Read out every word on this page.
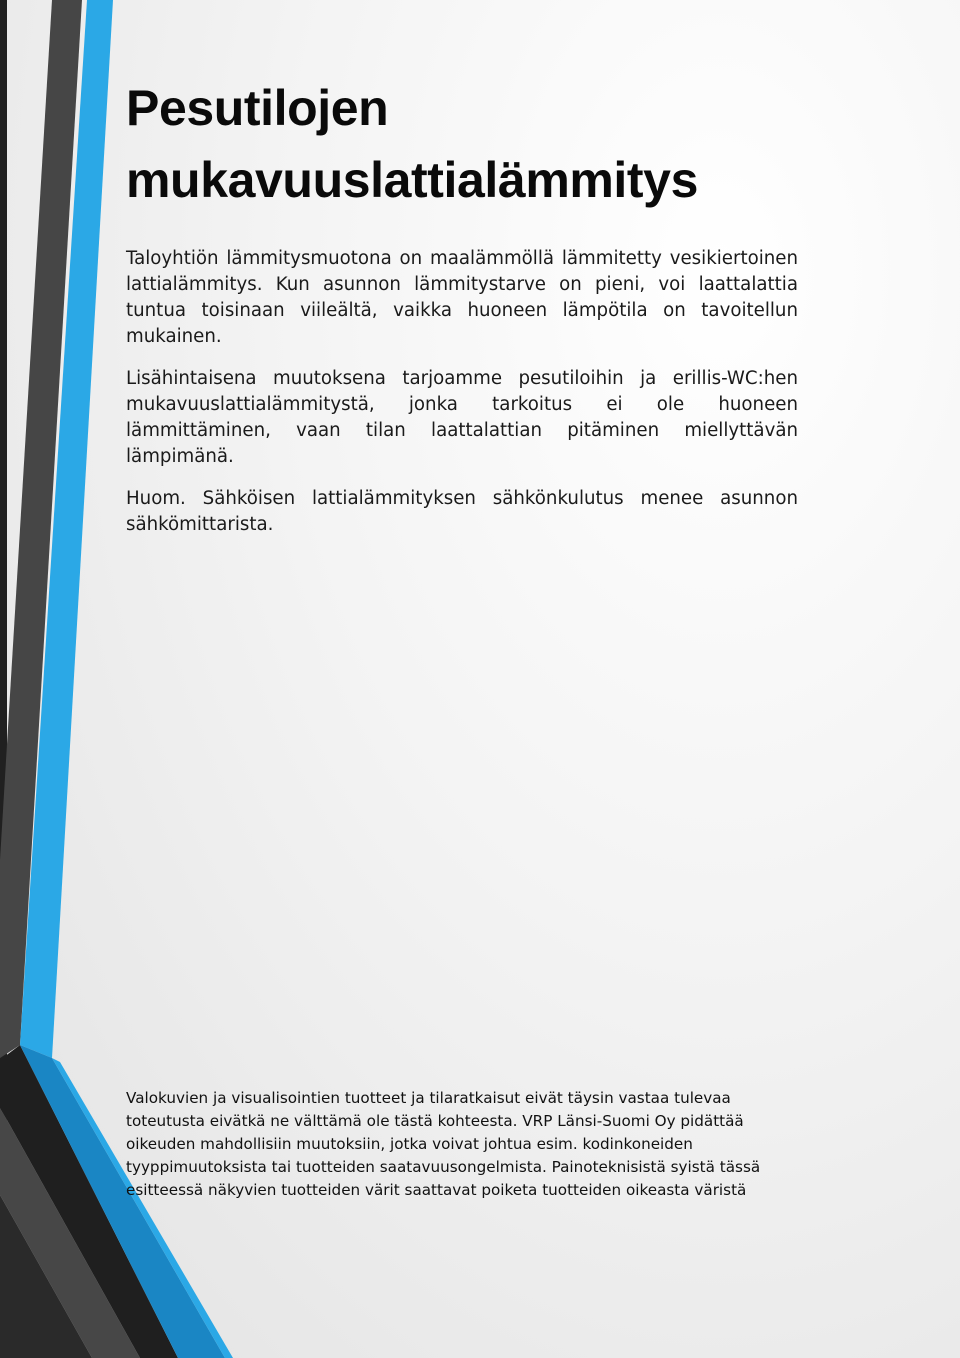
Pesutilojen mukavuuslattialämmitys

Taloyhtiön lämmitysmuotona on maalämmöllä lämmitetty vesikiertoinen lattialämmitys. Kun asunnon lämmitystarve on pieni, voi laattalattia tuntua toisinaan viileältä, vaikka huoneen lämpötila on tavoitellun mukainen.

Lisähintaisena muutoksena tarjoamme pesutiloihin ja erillis-WC:hen mukavuuslattialämmitystä, jonka tarkoitus ei ole huoneen lämmittäminen, vaan tilan laattalattian pitäminen miellyttävän lämpimänä.

Huom. Sähköisen lattialämmityksen sähkönkulutus menee asunnon sähkömittarista.

Valokuvien ja visualisointien tuotteet ja tilaratkaisut eivät täysin vastaa tulevaa toteutusta eivätkä ne välttämä ole tästä kohteesta. VRP Länsi-Suomi Oy pidättää oikeuden mahdollisiin muutoksiin, jotka voivat johtua esim. kodinkoneiden tyyppimuutoksista tai tuotteiden saatavuusongelmista. Painoteknisistä syistä tässä esitteessä näkyvien tuotteiden värit saattavat poiketa tuotteiden oikeasta väristä
